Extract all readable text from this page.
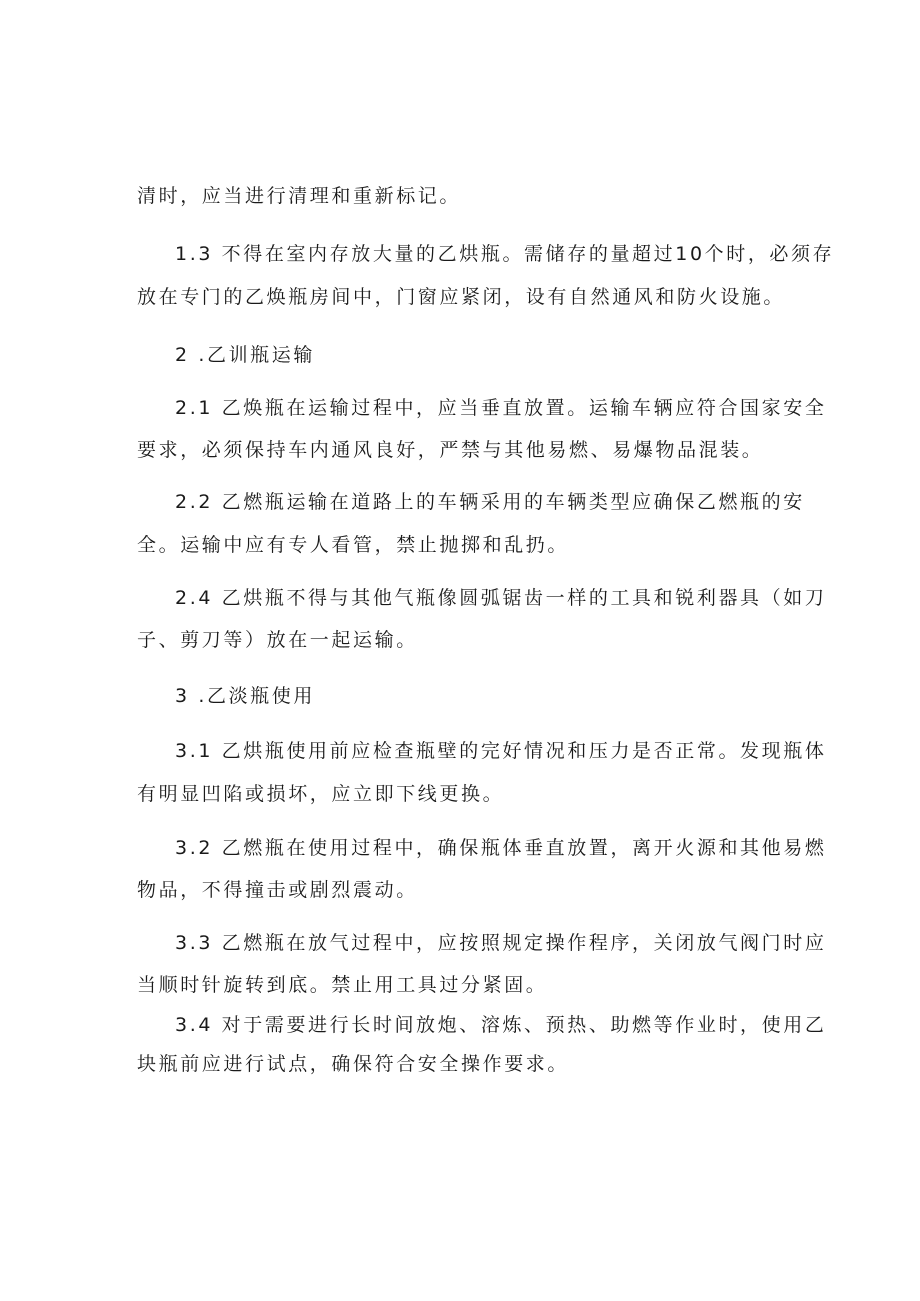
清时，应当进行清理和重新标记。
1.3 不得在室内存放大量的乙烘瓶。需储存的量超过10个时，必须存
放在专门的乙焕瓶房间中，门窗应紧闭，设有自然通风和防火设施。
2 .乙训瓶运输
2.1 乙焕瓶在运输过程中，应当垂直放置。运输车辆应符合国家安全
要求，必须保持车内通风良好，严禁与其他易燃、易爆物品混装。
2.2 乙燃瓶运输在道路上的车辆采用的车辆类型应确保乙燃瓶的安
全。运输中应有专人看管，禁止抛掷和乱扔。
2.4 乙烘瓶不得与其他气瓶像圆弧锯齿一样的工具和锐利器具（如刀
子、剪刀等）放在一起运输。
3 .乙淡瓶使用
3.1 乙烘瓶使用前应检查瓶壁的完好情况和压力是否正常。发现瓶体
有明显凹陷或损坏，应立即下线更换。
3.2 乙燃瓶在使用过程中，确保瓶体垂直放置，离开火源和其他易燃
物品，不得撞击或剧烈震动。
3.3 乙燃瓶在放气过程中，应按照规定操作程序，关闭放气阀门时应
当顺时针旋转到底。禁止用工具过分紧固。
3.4 对于需要进行长时间放炮、溶炼、预热、助燃等作业时，使用乙
块瓶前应进行试点，确保符合安全操作要求。
